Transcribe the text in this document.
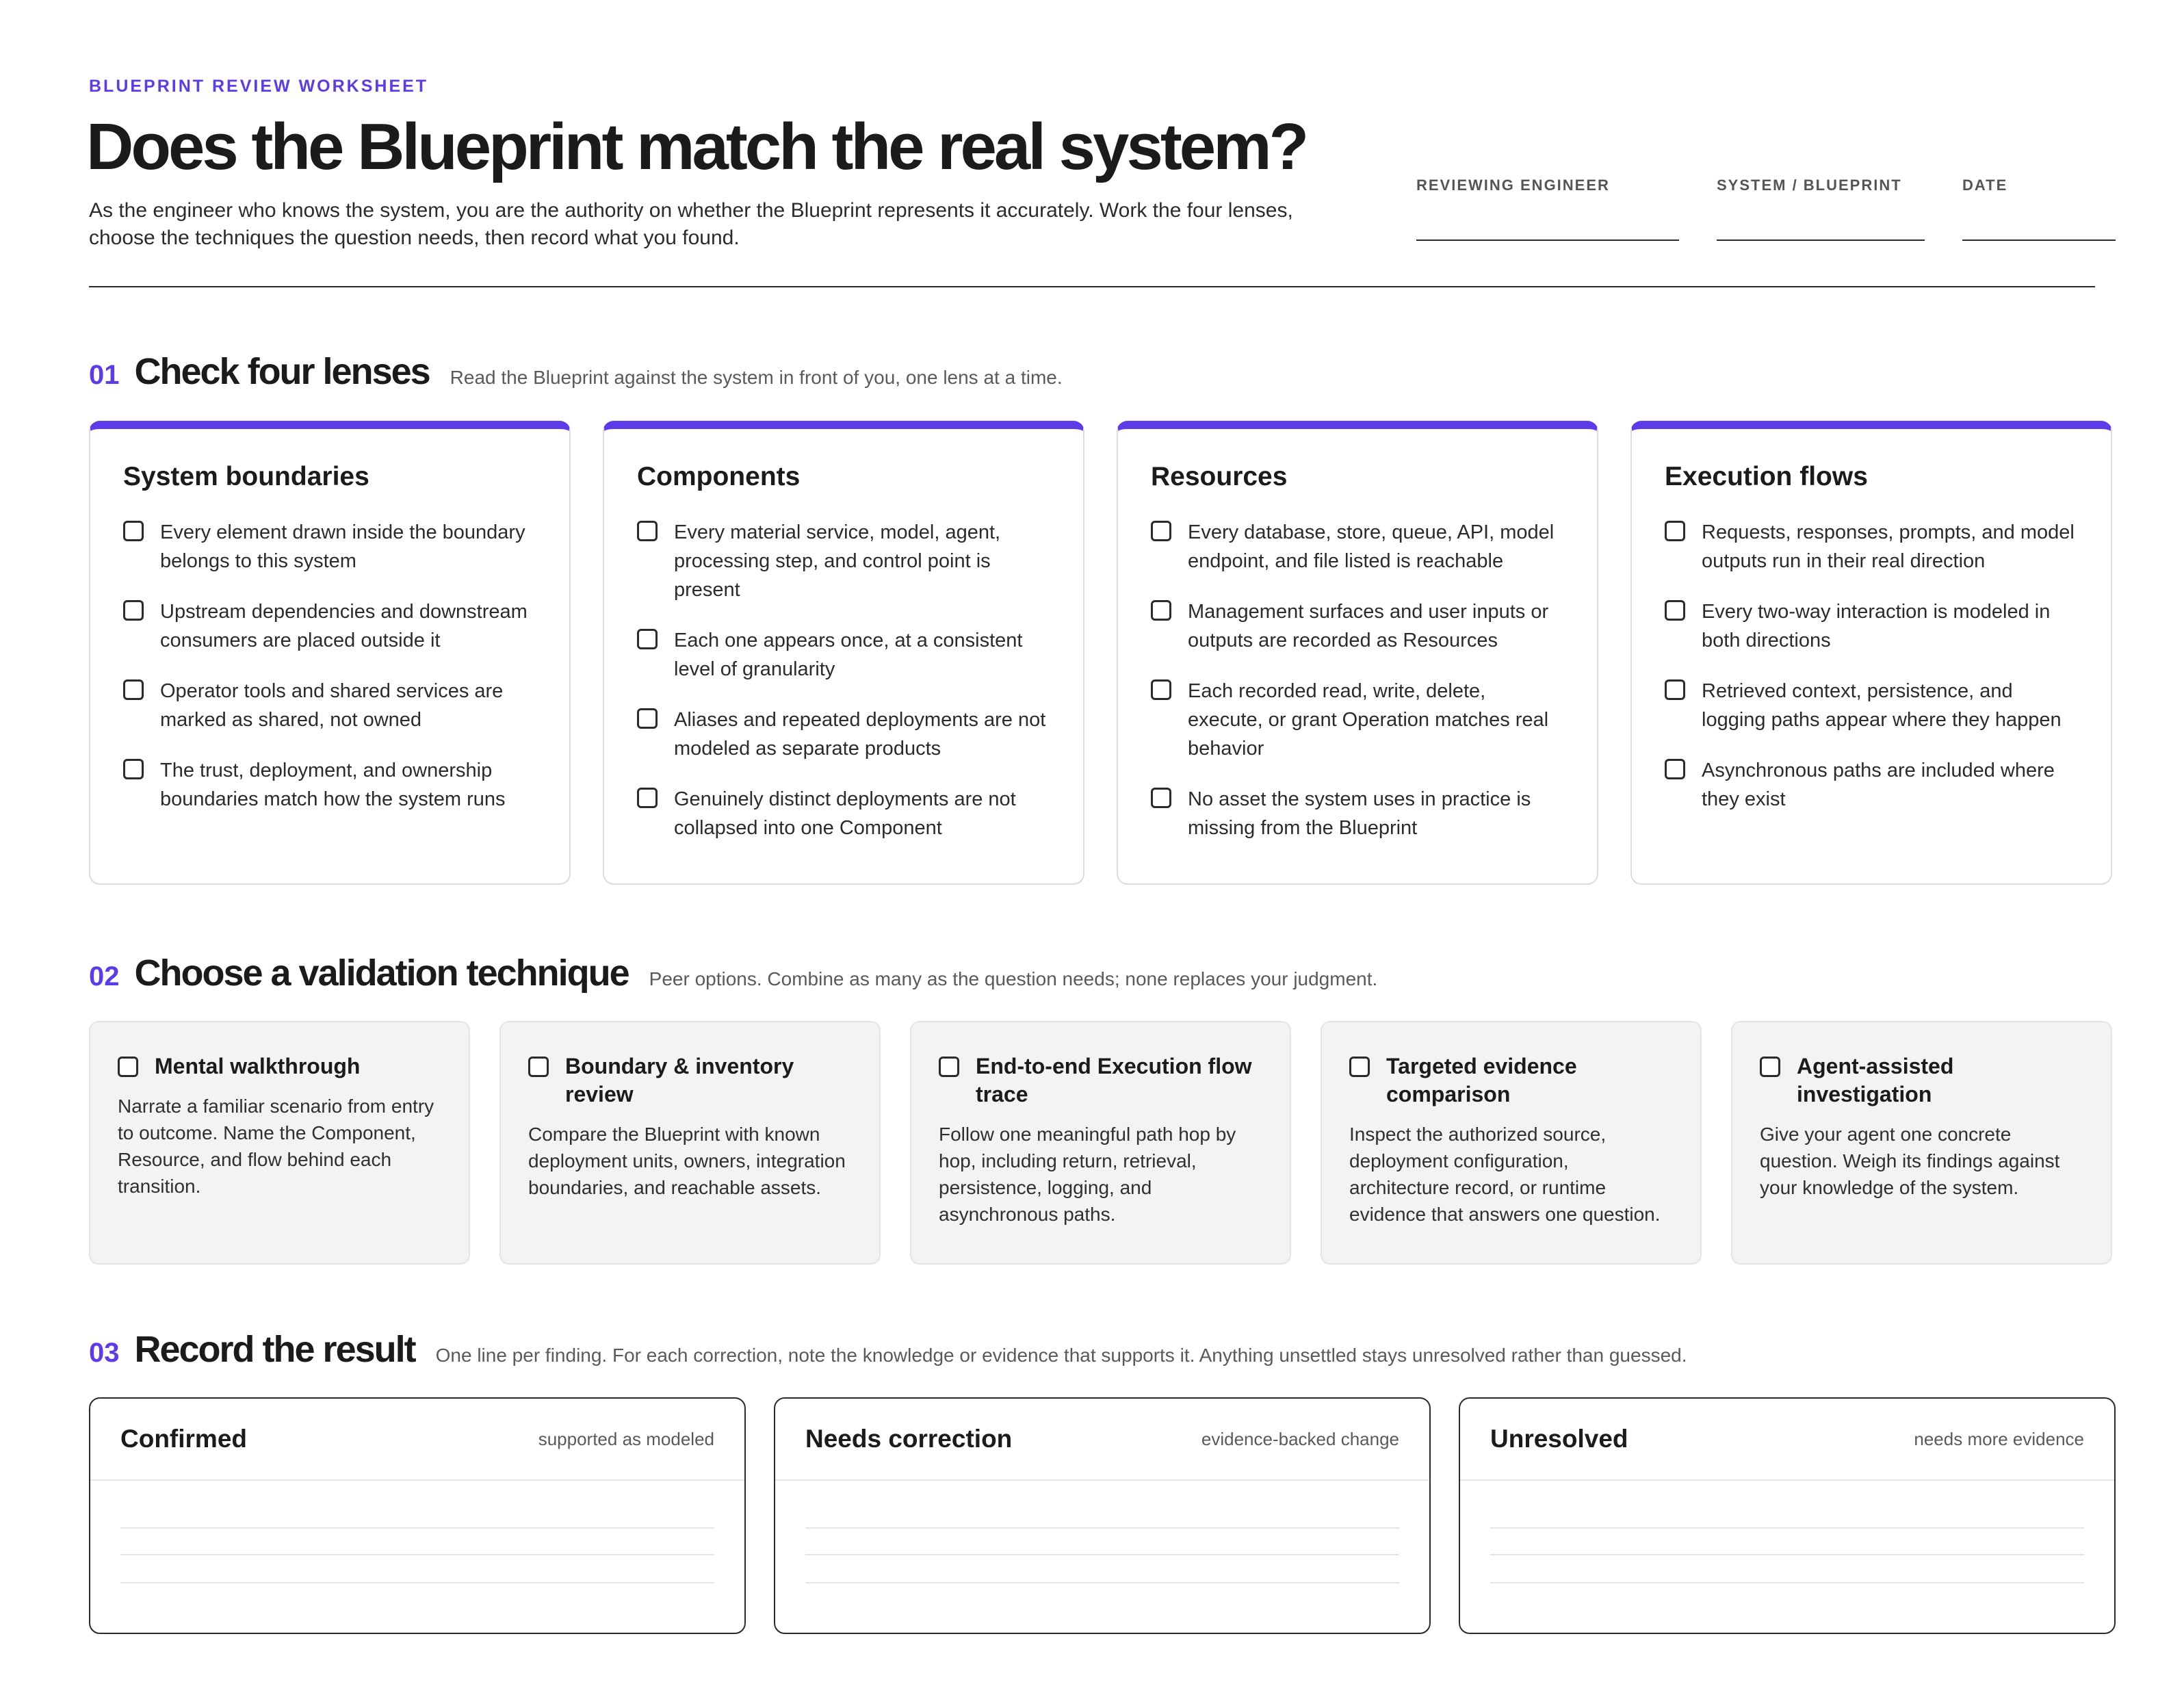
BLUEPRINT REVIEW WORKSHEET
Does the Blueprint match the real system?

As the engineer who knows the system, you are the authority on whether the Blueprint represents it accurately. Work the four lenses, choose the techniques the question needs, then record what you found.

REVIEWING ENGINEER	SYSTEM / BLUEPRINT	DATE
01 Check four lenses Read the Blueprint against the system in front of you, one lens at a time.
System boundaries
Every element drawn inside the boundary belongs to this system
Upstream dependencies and downstream consumers are placed outside it
Operator tools and shared services are marked as shared, not owned
The trust, deployment, and ownership boundaries match how the system runs
Components
Every material service, model, agent, processing step, and control point is present
Each one appears once, at a consistent level of granularity
Aliases and repeated deployments are not modeled as separate products
Genuinely distinct deployments are not collapsed into one Component
Resources
Every database, store, queue, API, model endpoint, and file listed is reachable
Management surfaces and user inputs or outputs are recorded as Resources
Each recorded read, write, delete, execute, or grant Operation matches real behavior
No asset the system uses in practice is missing from the Blueprint
Execution flows
Requests, responses, prompts, and model outputs run in their real direction
Every two-way interaction is modeled in both directions
Retrieved context, persistence, and logging paths appear where they happen
Asynchronous paths are included where they exist
02 Choose a validation technique Peer options. Combine as many as the question needs; none replaces your judgment.
Mental walkthrough
Narrate a familiar scenario from entry to outcome. Name the Component, Resource, and flow behind each transition.
Boundary & inventory review
Compare the Blueprint with known deployment units, owners, integration boundaries, and reachable assets.
End-to-end Execution flow trace
Follow one meaningful path hop by hop, including return, retrieval, persistence, logging, and asynchronous paths.
Targeted evidence comparison
Inspect the authorized source, deployment configuration, architecture record, or runtime evidence that answers one question.
Agent-assisted investigation
Give your agent one concrete question. Weigh its findings against your knowledge of the system.
03 Record the result One line per finding. For each correction, note the knowledge or evidence that supports it. Anything unsettled stays unresolved rather than guessed.
Confirmed	supported as modeled	Needs correction	evidence-backed change	Unresolved	needs more evidence
